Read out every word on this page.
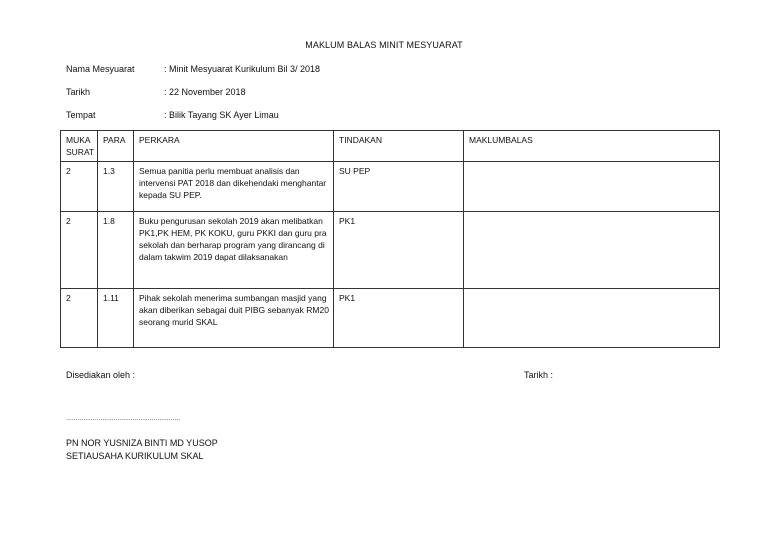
MAKLUM BALAS MINIT MESYUARAT
Nama Mesyuarat	: Minit Mesyuarat Kurikulum Bil 3/ 2018
Tarikh	: 22 November 2018
Tempat	: Bilik Tayang SK Ayer Limau
MUKA SURAT	PARA	PERKARA	TINDAKAN	MAKLUMBALAS
2	1.3	Semua panitia perlu membuat analisis dan intervensi PAT 2018 dan dikehendaki menghantar kepada SU PEP.	SU PEP	
2	1.8	Buku pengurusan sekolah 2019 akan melibatkan PK1,PK HEM, PK KOKU, guru PKKI dan guru pra sekolah dan berharap program yang dirancang di dalam takwim 2019 dapat dilaksanakan	PK1	
2	1.11	Pihak sekolah menerima sumbangan masjid yang akan diberikan sebagai duit PIBG sebanyak RM20 seorang murid SKAL	PK1	
Disediakan oleh :	Tarikh :
……………………………………………………
PN NOR YUSNIZA BINTI MD YUSOP
SETIAUSAHA KURIKULUM SKAL
